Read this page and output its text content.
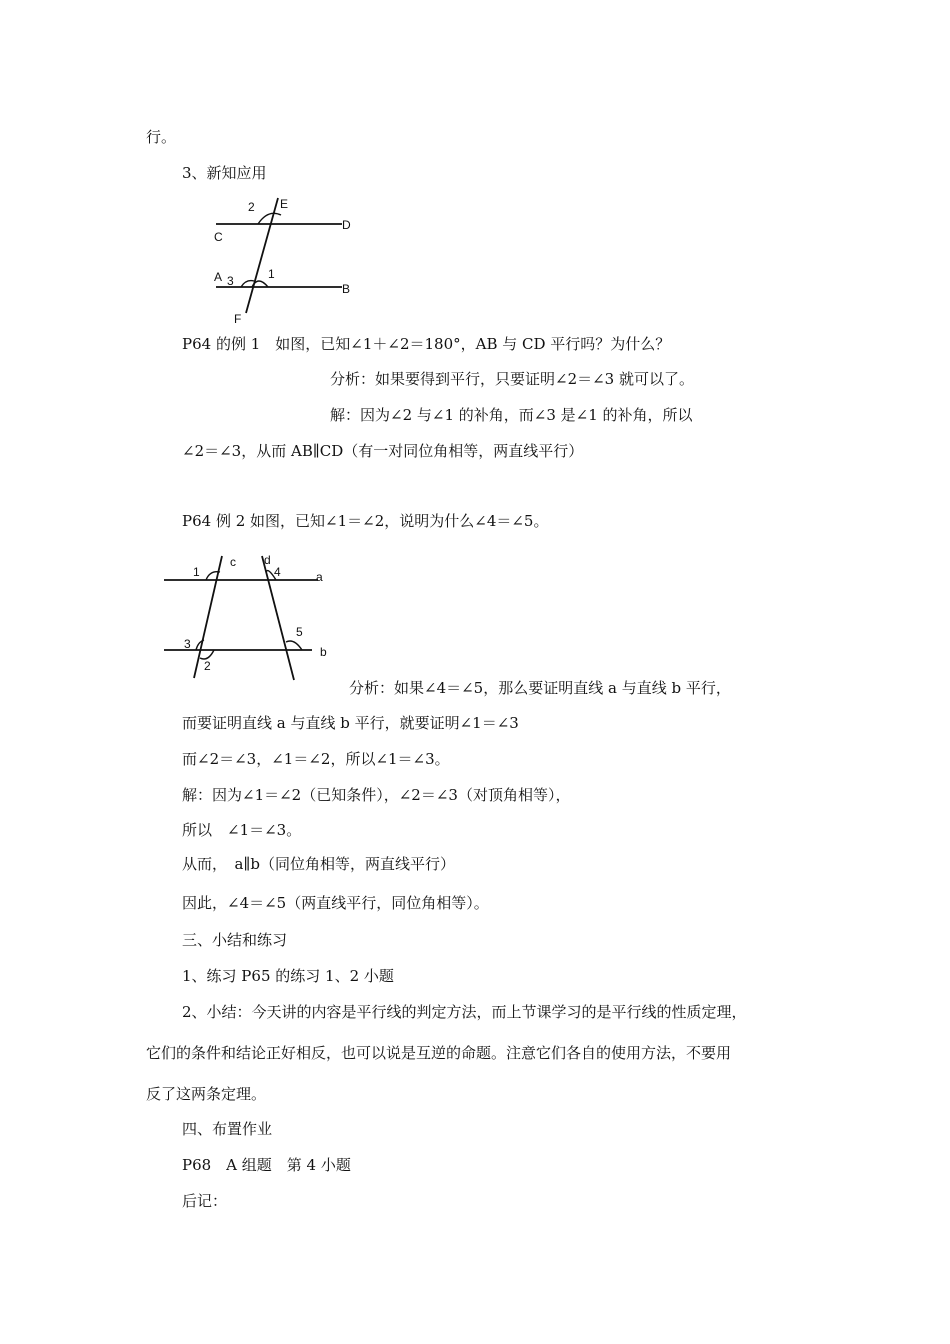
行。
3、新知应用
2 E
D
C
A 3	1
B
F
P64 的例 1　如图，已知∠1＋∠2＝180°，AB 与 CD 平行吗？为什么？
分析：如果要得到平行，只要证明∠2＝∠3 就可以了。
解：因为∠2 与∠1 的补角，而∠3 是∠1 的补角，所以
∠2＝∠3，从而 AB∥CD（有一对同位角相等，两直线平行）
P64 例 2 如图，已知∠1＝∠2，说明为什么∠4＝∠5。
1
c d
4	a
3
5
b
2
分析：如果∠4＝∠5，那么要证明直线 a 与直线 b 平行，
而要证明直线 a 与直线 b 平行，就要证明∠1＝∠3
而∠2＝∠3，∠1＝∠2，所以∠1＝∠3。
解：因为∠1＝∠2（已知条件），∠2＝∠3（对顶角相等），
所以　∠1＝∠3。
从而，　a∥b（同位角相等，两直线平行）
因此，∠4＝∠5（两直线平行，同位角相等）。
三、小结和练习
1、练习 P65 的练习 1、2 小题
2、小结：今天讲的内容是平行线的判定方法，而上节课学习的是平行线的性质定理，
它们的条件和结论正好相反，也可以说是互逆的命题。注意它们各自的使用方法，不要用
反了这两条定理。
四、布置作业
P68　A 组题　第 4 小题
后记：
